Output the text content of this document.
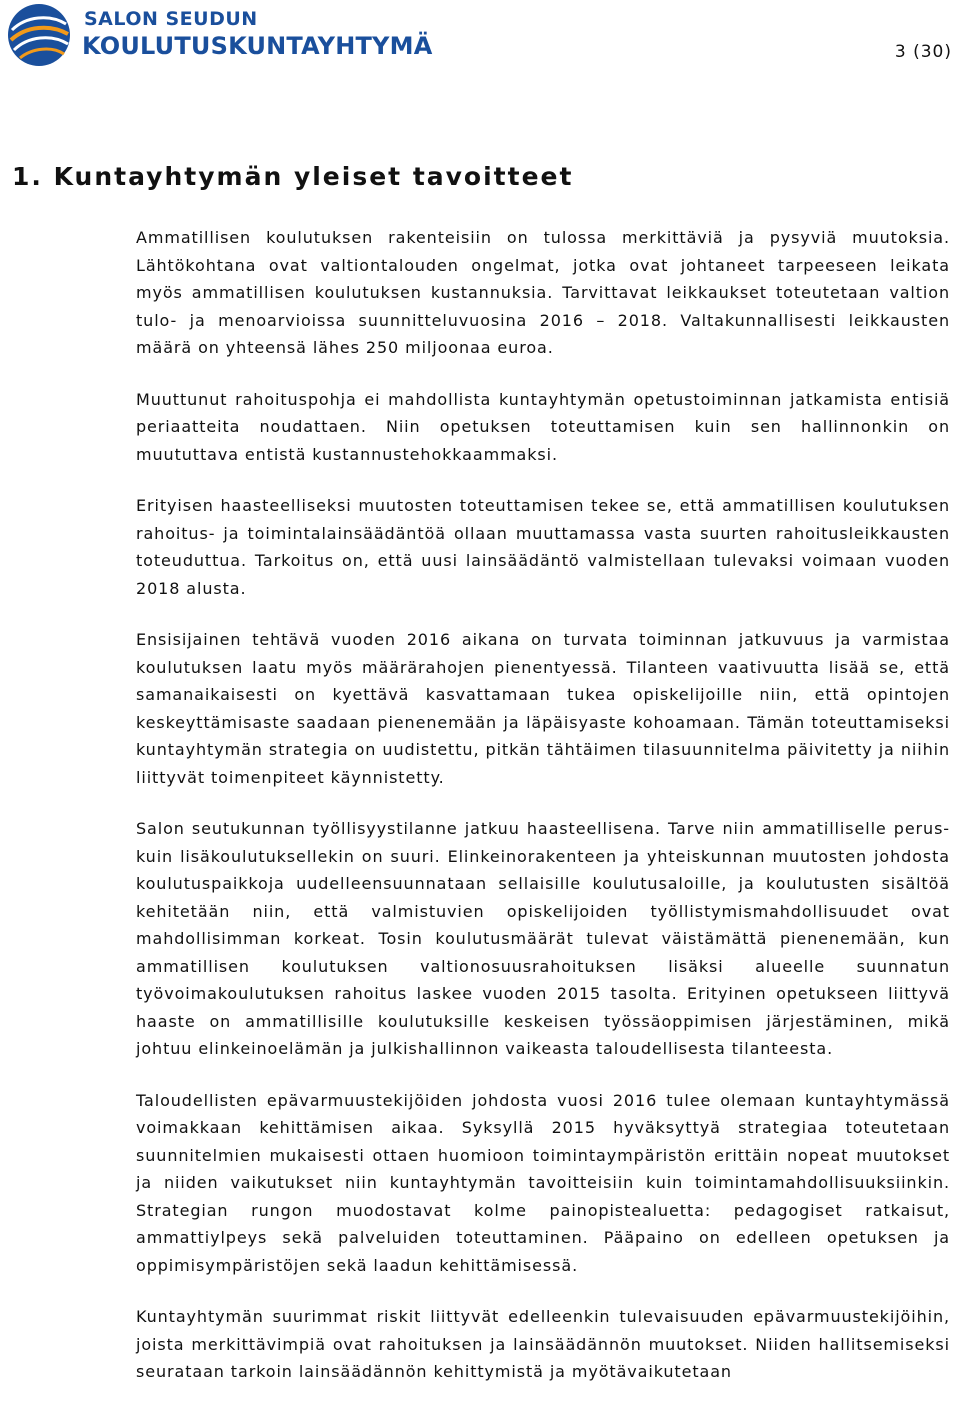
SALON SEUDUN
KOULUTUSKUNTAYHTYMÄ	3 (30)
1. Kuntayhtymän yleiset tavoitteet

Ammatillisen koulutuksen rakenteisiin on tulossa merkittäviä ja pysyviä muutoksia. Lähtökohtana ovat valtiontalouden ongelmat, jotka ovat johtaneet tarpeeseen leikata myös ammatillisen koulutuksen kustannuksia. Tarvittavat leikkaukset toteutetaan valtion tulo- ja menoarvioissa suunnitteluvuosina 2016 – 2018. Valtakunnallisesti leikkausten määrä on yhteensä lähes 250 miljoonaa euroa.

Muuttunut rahoituspohja ei mahdollista kuntayhtymän opetustoiminnan jatkamista entisiä periaatteita noudattaen. Niin opetuksen toteuttamisen kuin sen hallinnonkin on muututtava entistä kustannustehokkaammaksi.

Erityisen haasteelliseksi muutosten toteuttamisen tekee se, että ammatillisen koulutuksen rahoitus- ja toimintalainsäädäntöä ollaan muuttamassa vasta suurten rahoitusleikkausten toteuduttua. Tarkoitus on, että uusi lainsäädäntö valmistellaan tulevaksi voimaan vuoden 2018 alusta.

Ensisijainen tehtävä vuoden 2016 aikana on turvata toiminnan jatkuvuus ja varmistaa koulutuksen laatu myös määrärahojen pienentyessä. Tilanteen vaativuutta lisää se, että samanaikaisesti on kyettävä kasvattamaan tukea opiskelijoille niin, että opintojen keskeyttämisaste saadaan pienenemään ja läpäisyaste kohoamaan. Tämän toteuttamiseksi kuntayhtymän strategia on uudistettu, pitkän tähtäimen tilasuunnitelma päivitetty ja niihin liittyvät toimenpiteet käynnistetty.

Salon seutukunnan työllisyystilanne jatkuu haasteellisena. Tarve niin ammatilliselle perus- kuin lisäkoulutuksellekin on suuri. Elinkeinorakenteen ja yhteiskunnan muutosten johdosta koulutuspaikkoja uudelleensuunnataan sellaisille koulutusaloille, ja koulutusten sisältöä kehitetään niin, että valmistuvien opiskelijoiden työllistymismahdollisuudet ovat mahdollisimman korkeat. Tosin koulutusmäärät tulevat väistämättä pienenemään, kun ammatillisen koulutuksen valtionosuusrahoituksen lisäksi alueelle suunnatun työvoimakoulutuksen rahoitus laskee vuoden 2015 tasolta. Erityinen opetukseen liittyvä haaste on ammatillisille koulutuksille keskeisen työssäoppimisen järjestäminen, mikä johtuu elinkeinoelämän ja julkishallinnon vaikeasta taloudellisesta tilanteesta.

Taloudellisten epävarmuustekijöiden johdosta vuosi 2016 tulee olemaan kuntayhtymässä voimakkaan kehittämisen aikaa. Syksyllä 2015 hyväksyttyä strategiaa toteutetaan suunnitelmien mukaisesti ottaen huomioon toimintaympäristön erittäin nopeat muutokset ja niiden vaikutukset niin kuntayhtymän tavoitteisiin kuin toimintamahdollisuuksiinkin. Strategian rungon muodostavat kolme painopistealuetta: pedagogiset ratkaisut, ammattiylpeys sekä palveluiden toteuttaminen. Pääpaino on edelleen opetuksen ja oppimisympäristöjen sekä laadun kehittämisessä.

Kuntayhtymän suurimmat riskit liittyvät edelleenkin tulevaisuuden epävarmuustekijöihin, joista merkittävimpiä ovat rahoituksen ja lainsäädännön muutokset. Niiden hallitsemiseksi seurataan tarkoin lainsäädännön kehittymistä ja myötävaikutetaan
